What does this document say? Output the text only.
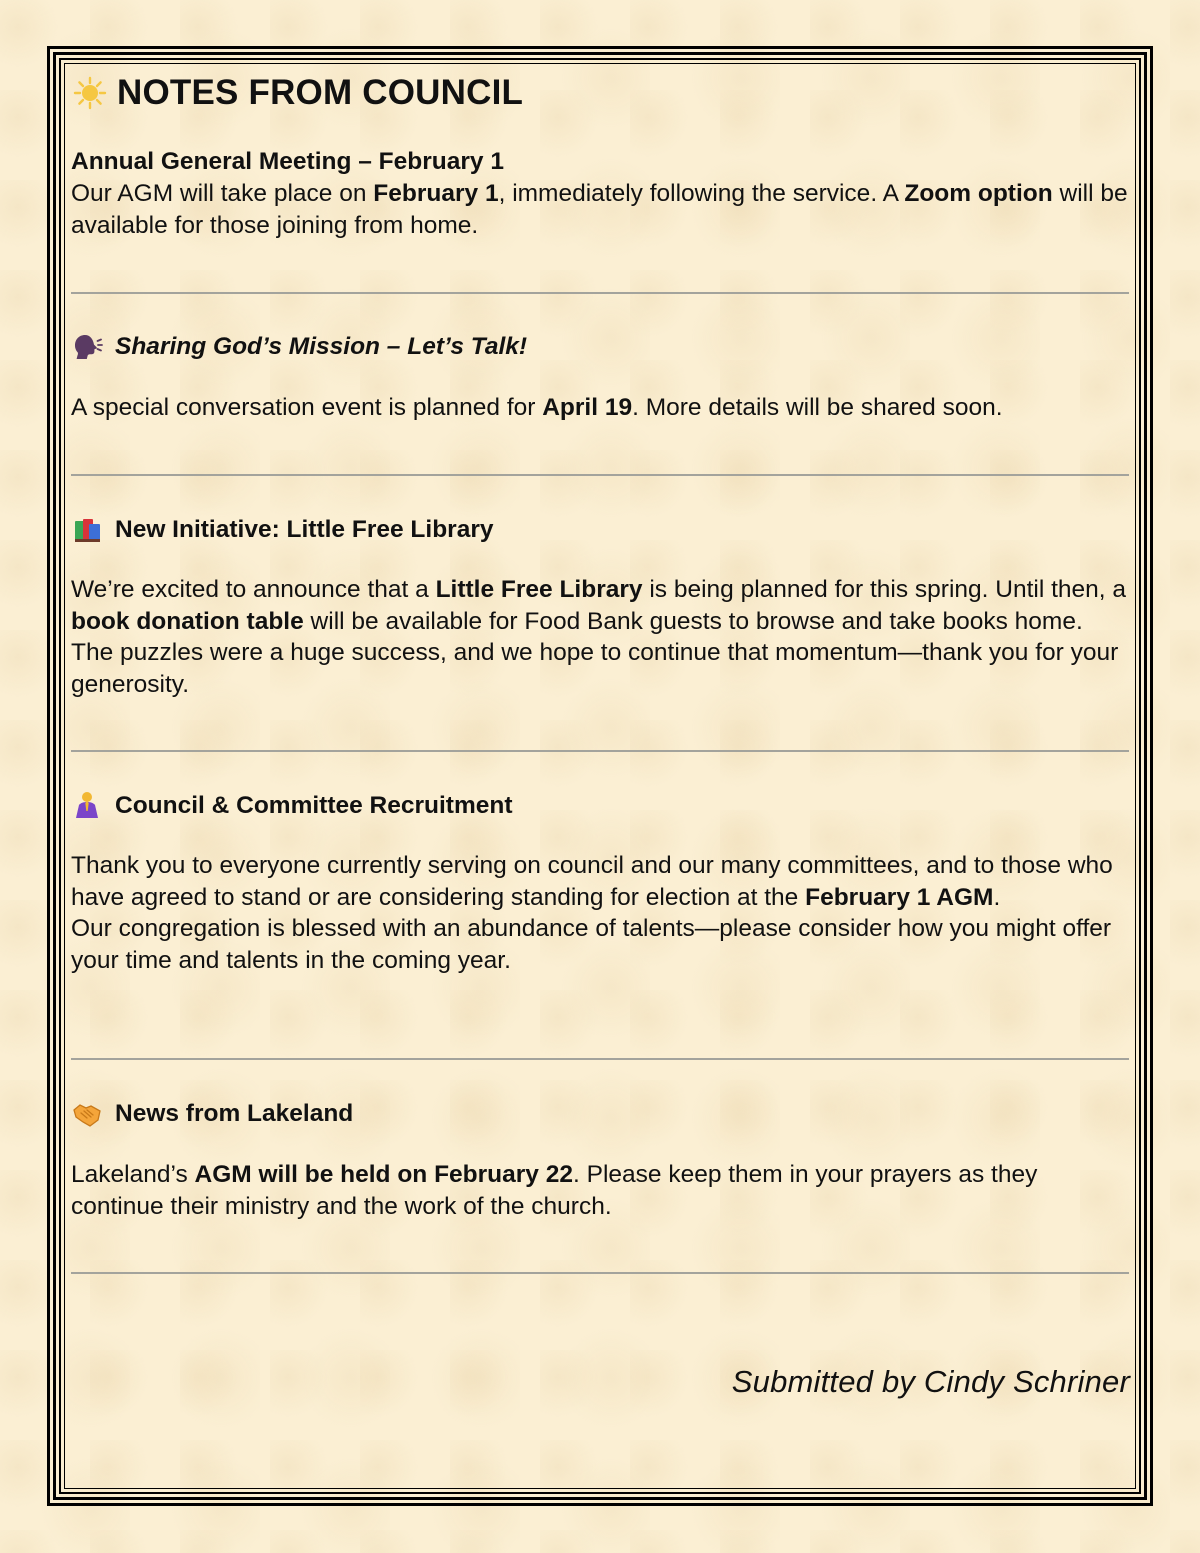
NOTES FROM COUNCIL
Annual General Meeting – February 1
Our AGM will take place on February 1, immediately following the service. A Zoom option will be available for those joining from home.
Sharing God’s Mission – Let’s Talk!
A special conversation event is planned for April 19. More details will be shared soon.
New Initiative: Little Free Library
We’re excited to announce that a Little Free Library is being planned for this spring. Until then, a book donation table will be available for Food Bank guests to browse and take books home. The puzzles were a huge success, and we hope to continue that momentum—thank you for your generosity.
Council & Committee Recruitment
Thank you to everyone currently serving on council and our many committees, and to those who have agreed to stand or are considering standing for election at the February 1 AGM.
Our congregation is blessed with an abundance of talents—please consider how you might offer your time and talents in the coming year.
News from Lakeland
Lakeland’s AGM will be held on February 22. Please keep them in your prayers as they continue their ministry and the work of the church.
Submitted by Cindy Schriner
